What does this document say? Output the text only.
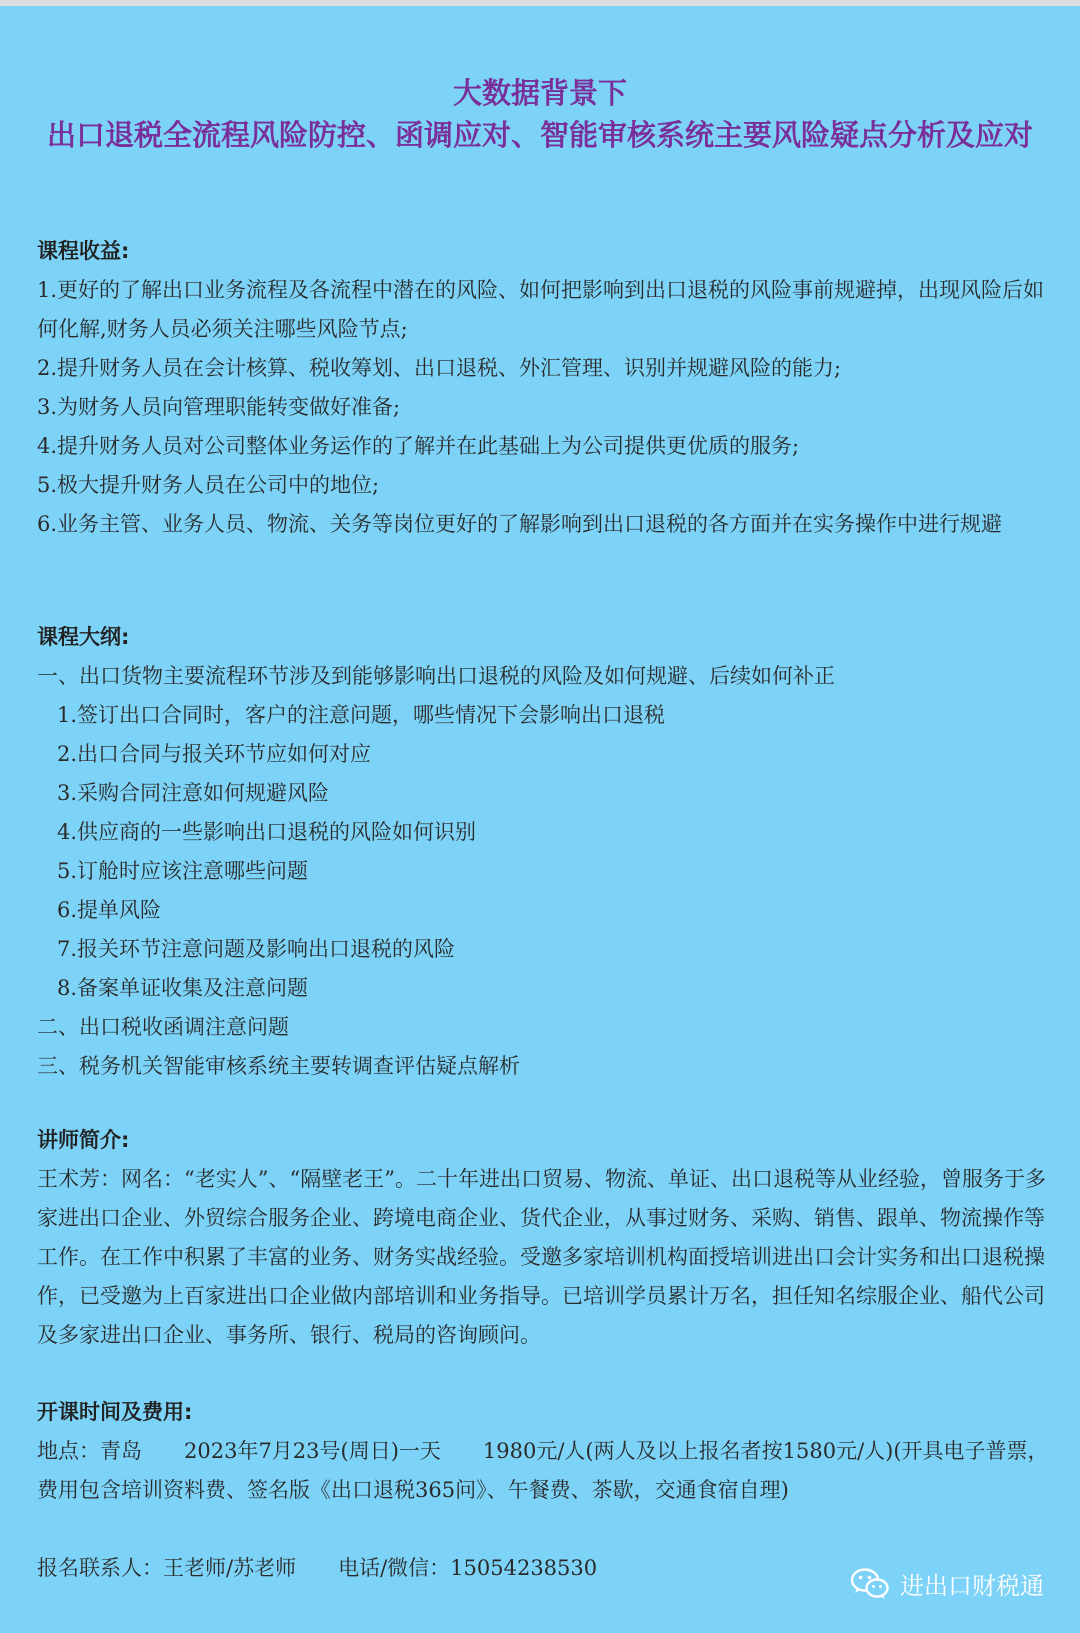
大数据背景下
出口退税全流程风险防控、函调应对、智能审核系统主要风险疑点分析及应对
课程收益:
1.更好的了解出口业务流程及各流程中潜在的风险、如何把影响到出口退税的风险事前规避掉，出现风险后如何化解,财务人员必须关注哪些风险节点;
2.提升财务人员在会计核算、税收筹划、出口退税、外汇管理、识别并规避风险的能力;
3.为财务人员向管理职能转变做好准备;
4.提升财务人员对公司整体业务运作的了解并在此基础上为公司提供更优质的服务;
5.极大提升财务人员在公司中的地位;
6.业务主管、业务人员、物流、关务等岗位更好的了解影响到出口退税的各方面并在实务操作中进行规避
课程大纲:
一、出口货物主要流程环节涉及到能够影响出口退税的风险及如何规避、后续如何补正
1.签订出口合同时，客户的注意问题，哪些情况下会影响出口退税
2.出口合同与报关环节应如何对应
3.采购合同注意如何规避风险
4.供应商的一些影响出口退税的风险如何识别
5.订舱时应该注意哪些问题
6.提单风险
7.报关环节注意问题及影响出口退税的风险
8.备案单证收集及注意问题
二、出口税收函调注意问题
三、税务机关智能审核系统主要转调查评估疑点解析
讲师简介:
王术芳：网名：“老实人”、“隔壁老王”。二十年进出口贸易、物流、单证、出口退税等从业经验，曾服务于多家进出口企业、外贸综合服务企业、跨境电商企业、货代企业，从事过财务、采购、销售、跟单、物流操作等工作。在工作中积累了丰富的业务、财务实战经验。受邀多家培训机构面授培训进出口会计实务和出口退税操作，已受邀为上百家进出口企业做内部培训和业务指导。已培训学员累计万名，担任知名综服企业、船代公司及多家进出口企业、事务所、银行、税局的咨询顾问。
开课时间及费用:
地点：青岛　　2023年7月23号(周日)一天　　1980元/人(两人及以上报名者按1580元/人)(开具电子普票，费用包含培训资料费、签名版《出口退税365问》、午餐费、茶歇，交通食宿自理)
报名联系人：王老师/苏老师　　电话/微信：15054238530
进出口财税通
